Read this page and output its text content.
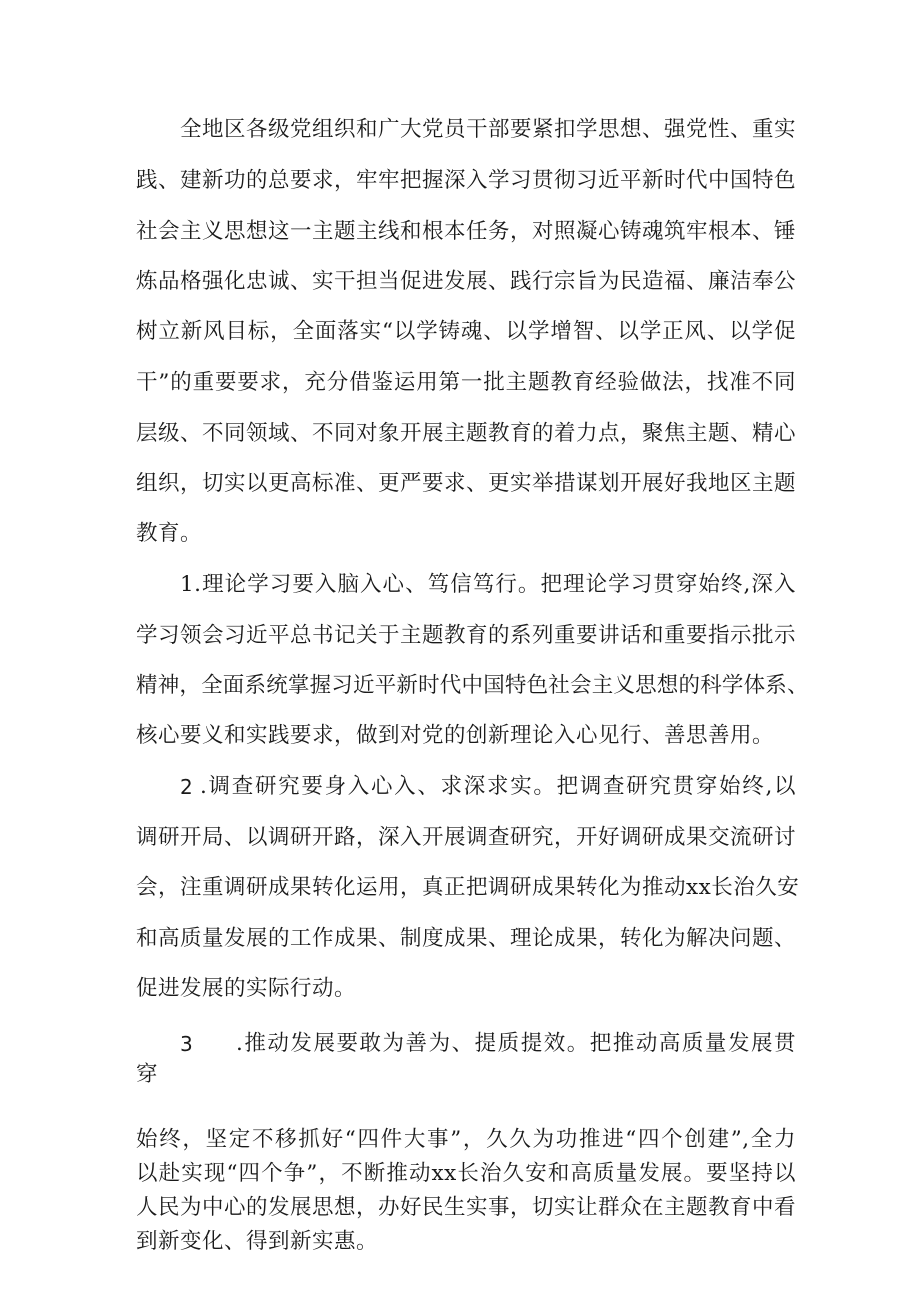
全地区各级党组织和广大党员干部要紧扣学思想、强党性、重实
践、建新功的总要求，牢牢把握深入学习贯彻习近平新时代中国特色
社会主义思想这一主题主线和根本任务，对照凝心铸魂筑牢根本、锤
炼品格强化忠诚、实干担当促进发展、践行宗旨为民造福、廉洁奉公
树立新风目标，全面落实“以学铸魂、以学增智、以学正风、以学促
干”的重要要求，充分借鉴运用第一批主题教育经验做法，找准不同
层级、不同领域、不同对象开展主题教育的着力点，聚焦主题、精心
组织，切实以更高标准、更严要求、更实举措谋划开展好我地区主题
教育。
1.理论学习要入脑入心、笃信笃行。把理论学习贯穿始终,深入
学习领会习近平总书记关于主题教育的系列重要讲话和重要指示批示
精神，全面系统掌握习近平新时代中国特色社会主义思想的科学体系、
核心要义和实践要求，做到对党的创新理论入心见行、善思善用。
2 .调查研究要身入心入、求深求实。把调查研究贯穿始终,以
调研开局、以调研开路，深入开展调查研究，开好调研成果交流研讨
会，注重调研成果转化运用，真正把调研成果转化为推动xx长治久安
和高质量发展的工作成果、制度成果、理论成果，转化为解决问题、
促进发展的实际行动。
3 .推动发展要敢为善为、提质提效。把推动高质量发展贯
穿
始终，坚定不移抓好“四件大事”，久久为功推进“四个创建”,全力
以赴实现“四个争”，不断推动xx长治久安和高质量发展。要坚持以
人民为中心的发展思想，办好民生实事，切实让群众在主题教育中看
到新变化、得到新实惠。
